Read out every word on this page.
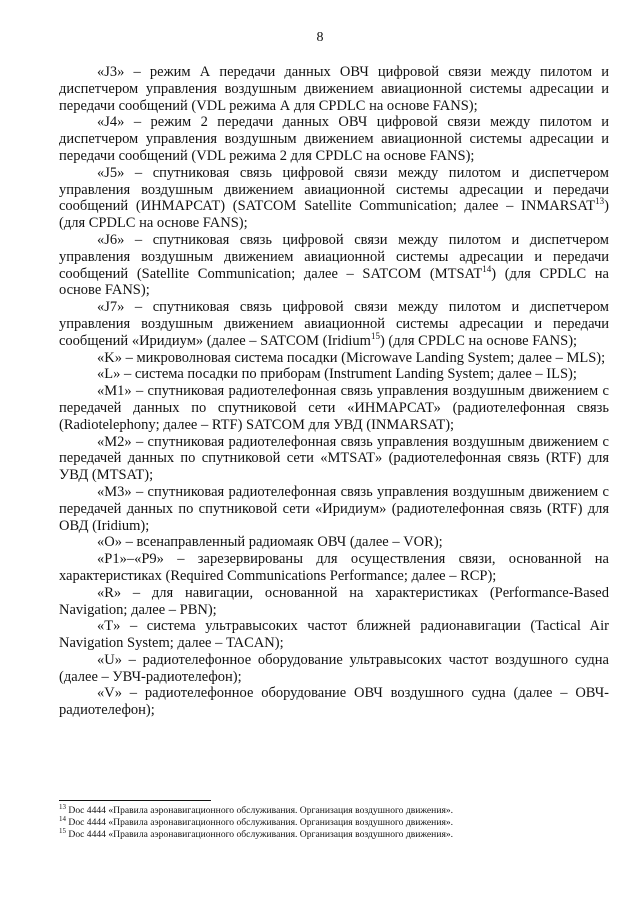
8

«J3» – режим А передачи данных ОВЧ цифровой связи между пилотом и диспетчером управления воздушным движением авиационной системы адресации и передачи сообщений (VDL режима А для CPDLC на основе FANS);

«J4» – режим 2 передачи данных ОВЧ цифровой связи между пилотом и диспетчером управления воздушным движением авиационной системы адресации и передачи сообщений (VDL режима 2 для CPDLC на основе FANS);

«J5» – спутниковая связь цифровой связи между пилотом и диспетчером управления воздушным движением авиационной системы адресации и передачи сообщений (ИНМАРСАТ) (SATCOM Satellite Communication; далее – INMARSAT$^{13}$) (для CPDLC на основе FANS);

«J6» – спутниковая связь цифровой связи между пилотом и диспетчером управления воздушным движением авиационной системы адресации и передачи сообщений (Satellite Communication; далее – SATCOM (MTSAT$^{14}$) (для CPDLC на основе FANS);

«J7» – спутниковая связь цифровой связи между пилотом и диспетчером управления воздушным движением авиационной системы адресации и передачи сообщений «Иридиум» (далее – SATCOM (Iridium$^{15}$) (для CPDLC на основе FANS);

«K» – микроволновая система посадки (Microwave Landing System; далее – MLS);

«L» – система посадки по приборам (Instrument Landing System; далее – ILS);

«M1» – спутниковая радиотелефонная связь управления воздушным движением с передачей данных по спутниковой сети «ИНМАРСАТ» (радиотелефонная связь (Radiotelephony; далее – RTF) SATCOM для УВД (INMARSAT);

«M2» – спутниковая радиотелефонная связь управления воздушным движением с передачей данных по спутниковой сети «MTSAT» (радиотелефонная связь (RTF) для УВД (MTSAT);

«M3» – спутниковая радиотелефонная связь управления воздушным движением с передачей данных по спутниковой сети «Иридиум» (радиотелефонная связь (RTF) для ОВД (Iridium);

«O» – всенаправленный радиомаяк ОВЧ (далее – VOR);

«P1»–«P9» – зарезервированы для осуществления связи, основанной на характеристиках (Required Communications Performance; далее – RCP);

«R» – для навигации, основанной на характеристиках (Performance-Based Navigation; далее – PBN);

«T» – система ультравысоких частот ближней радионавигации (Tactical Air Navigation System; далее – TACAN);

«U» – радиотелефонное оборудование ультравысоких частот воздушного судна (далее – УВЧ-радиотелефон);

«V» – радиотелефонное оборудование ОВЧ воздушного судна (далее – ОВЧ-радиотелефон);

$^{13}$ Doc 4444 «Правила аэронавигационного обслуживания. Организация воздушного движения».

$^{14}$ Doc 4444 «Правила аэронавигационного обслуживания. Организация воздушного движения».

$^{15}$ Doc 4444 «Правила аэронавигационного обслуживания. Организация воздушного движения».
